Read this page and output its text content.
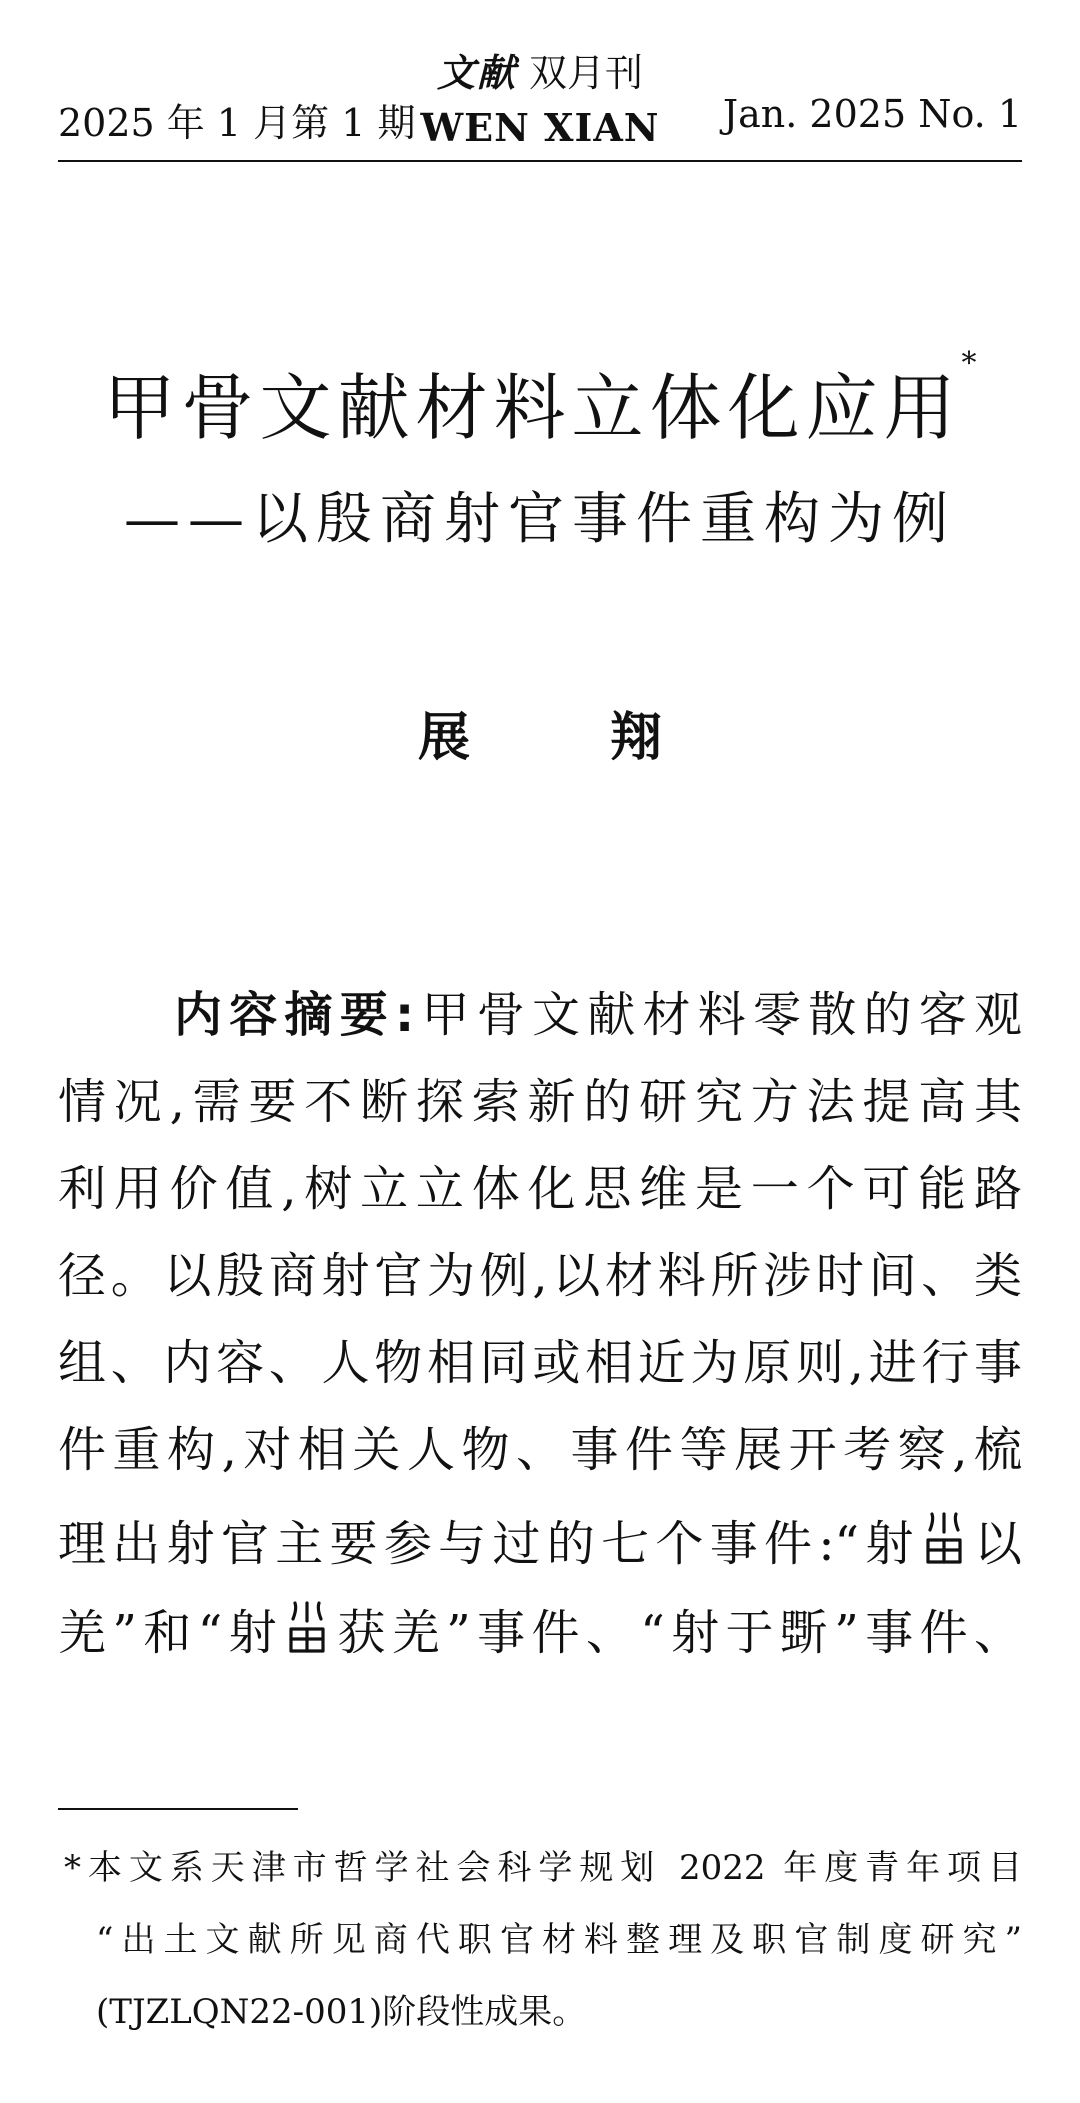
2025 年 1 月第 1 期
文献 双月刊
WEN XIAN	Jan. 2025 No. 1
甲骨文献材料立体化应用*
——以殷商射官事件重构为例
展翔
内容摘要:甲骨文献材料零散的客观
情况,需要不断探索新的研究方法提高其
利用价值,树立立体化思维是一个可能路
径。以殷商射官为例,以材料所涉时间、类
组、内容、人物相同或相近为原则,进行事
件重构,对相关人物、事件等展开考察,梳
理出射官主要参与过的七个事件:“射 以
羌”和“射 获羌”事件、“射于斲”事件、
*本文系天津市哲学社会科学规划 2022 年度青年项目
“出土文献所见商代职官材料整理及职官制度研究”
(TJZLQN22-001)阶段性成果。
